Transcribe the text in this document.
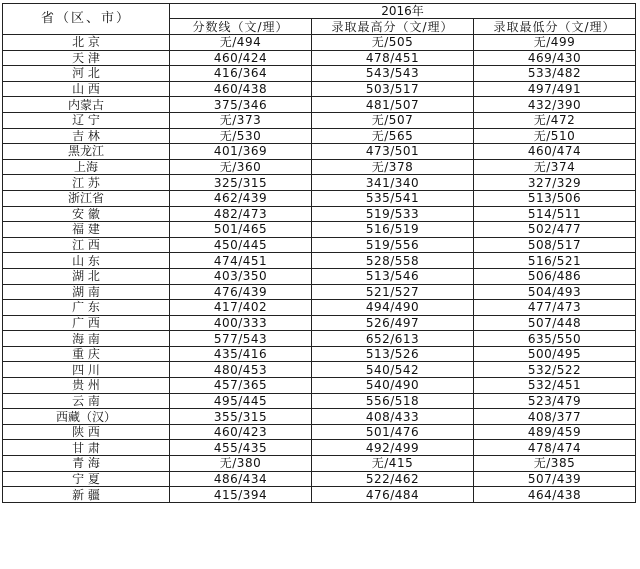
省（区、市）	2016年		
	分数线（文/理）	录取最高分（文/理）	录取最低分（文/理）
北 京	无/494	无/505	无/499
天 津	460/424	478/451	469/430
河 北	416/364	543/543	533/482
山 西	460/438	503/517	497/491
内蒙古	375/346	481/507	432/390
辽 宁	无/373	无/507	无/472
吉 林	无/530	无/565	无/510
黑龙江	401/369	473/501	460/474
上海	无/360	无/378	无/374
江 苏	325/315	341/340	327/329
浙江省	462/439	535/541	513/506
安 徽	482/473	519/533	514/511
福 建	501/465	516/519	502/477
江 西	450/445	519/556	508/517
山 东	474/451	528/558	516/521
湖 北	403/350	513/546	506/486
湖 南	476/439	521/527	504/493
广 东	417/402	494/490	477/473
广 西	400/333	526/497	507/448
海 南	577/543	652/613	635/550
重 庆	435/416	513/526	500/495
四 川	480/453	540/542	532/522
贵 州	457/365	540/490	532/451
云 南	495/445	556/518	523/479
西藏（汉）	355/315	408/433	408/377
陕 西	460/423	501/476	489/459
甘 肃	455/435	492/499	478/474
青 海	无/380	无/415	无/385
宁 夏	486/434	522/462	507/439
新 疆	415/394	476/484	464/438
